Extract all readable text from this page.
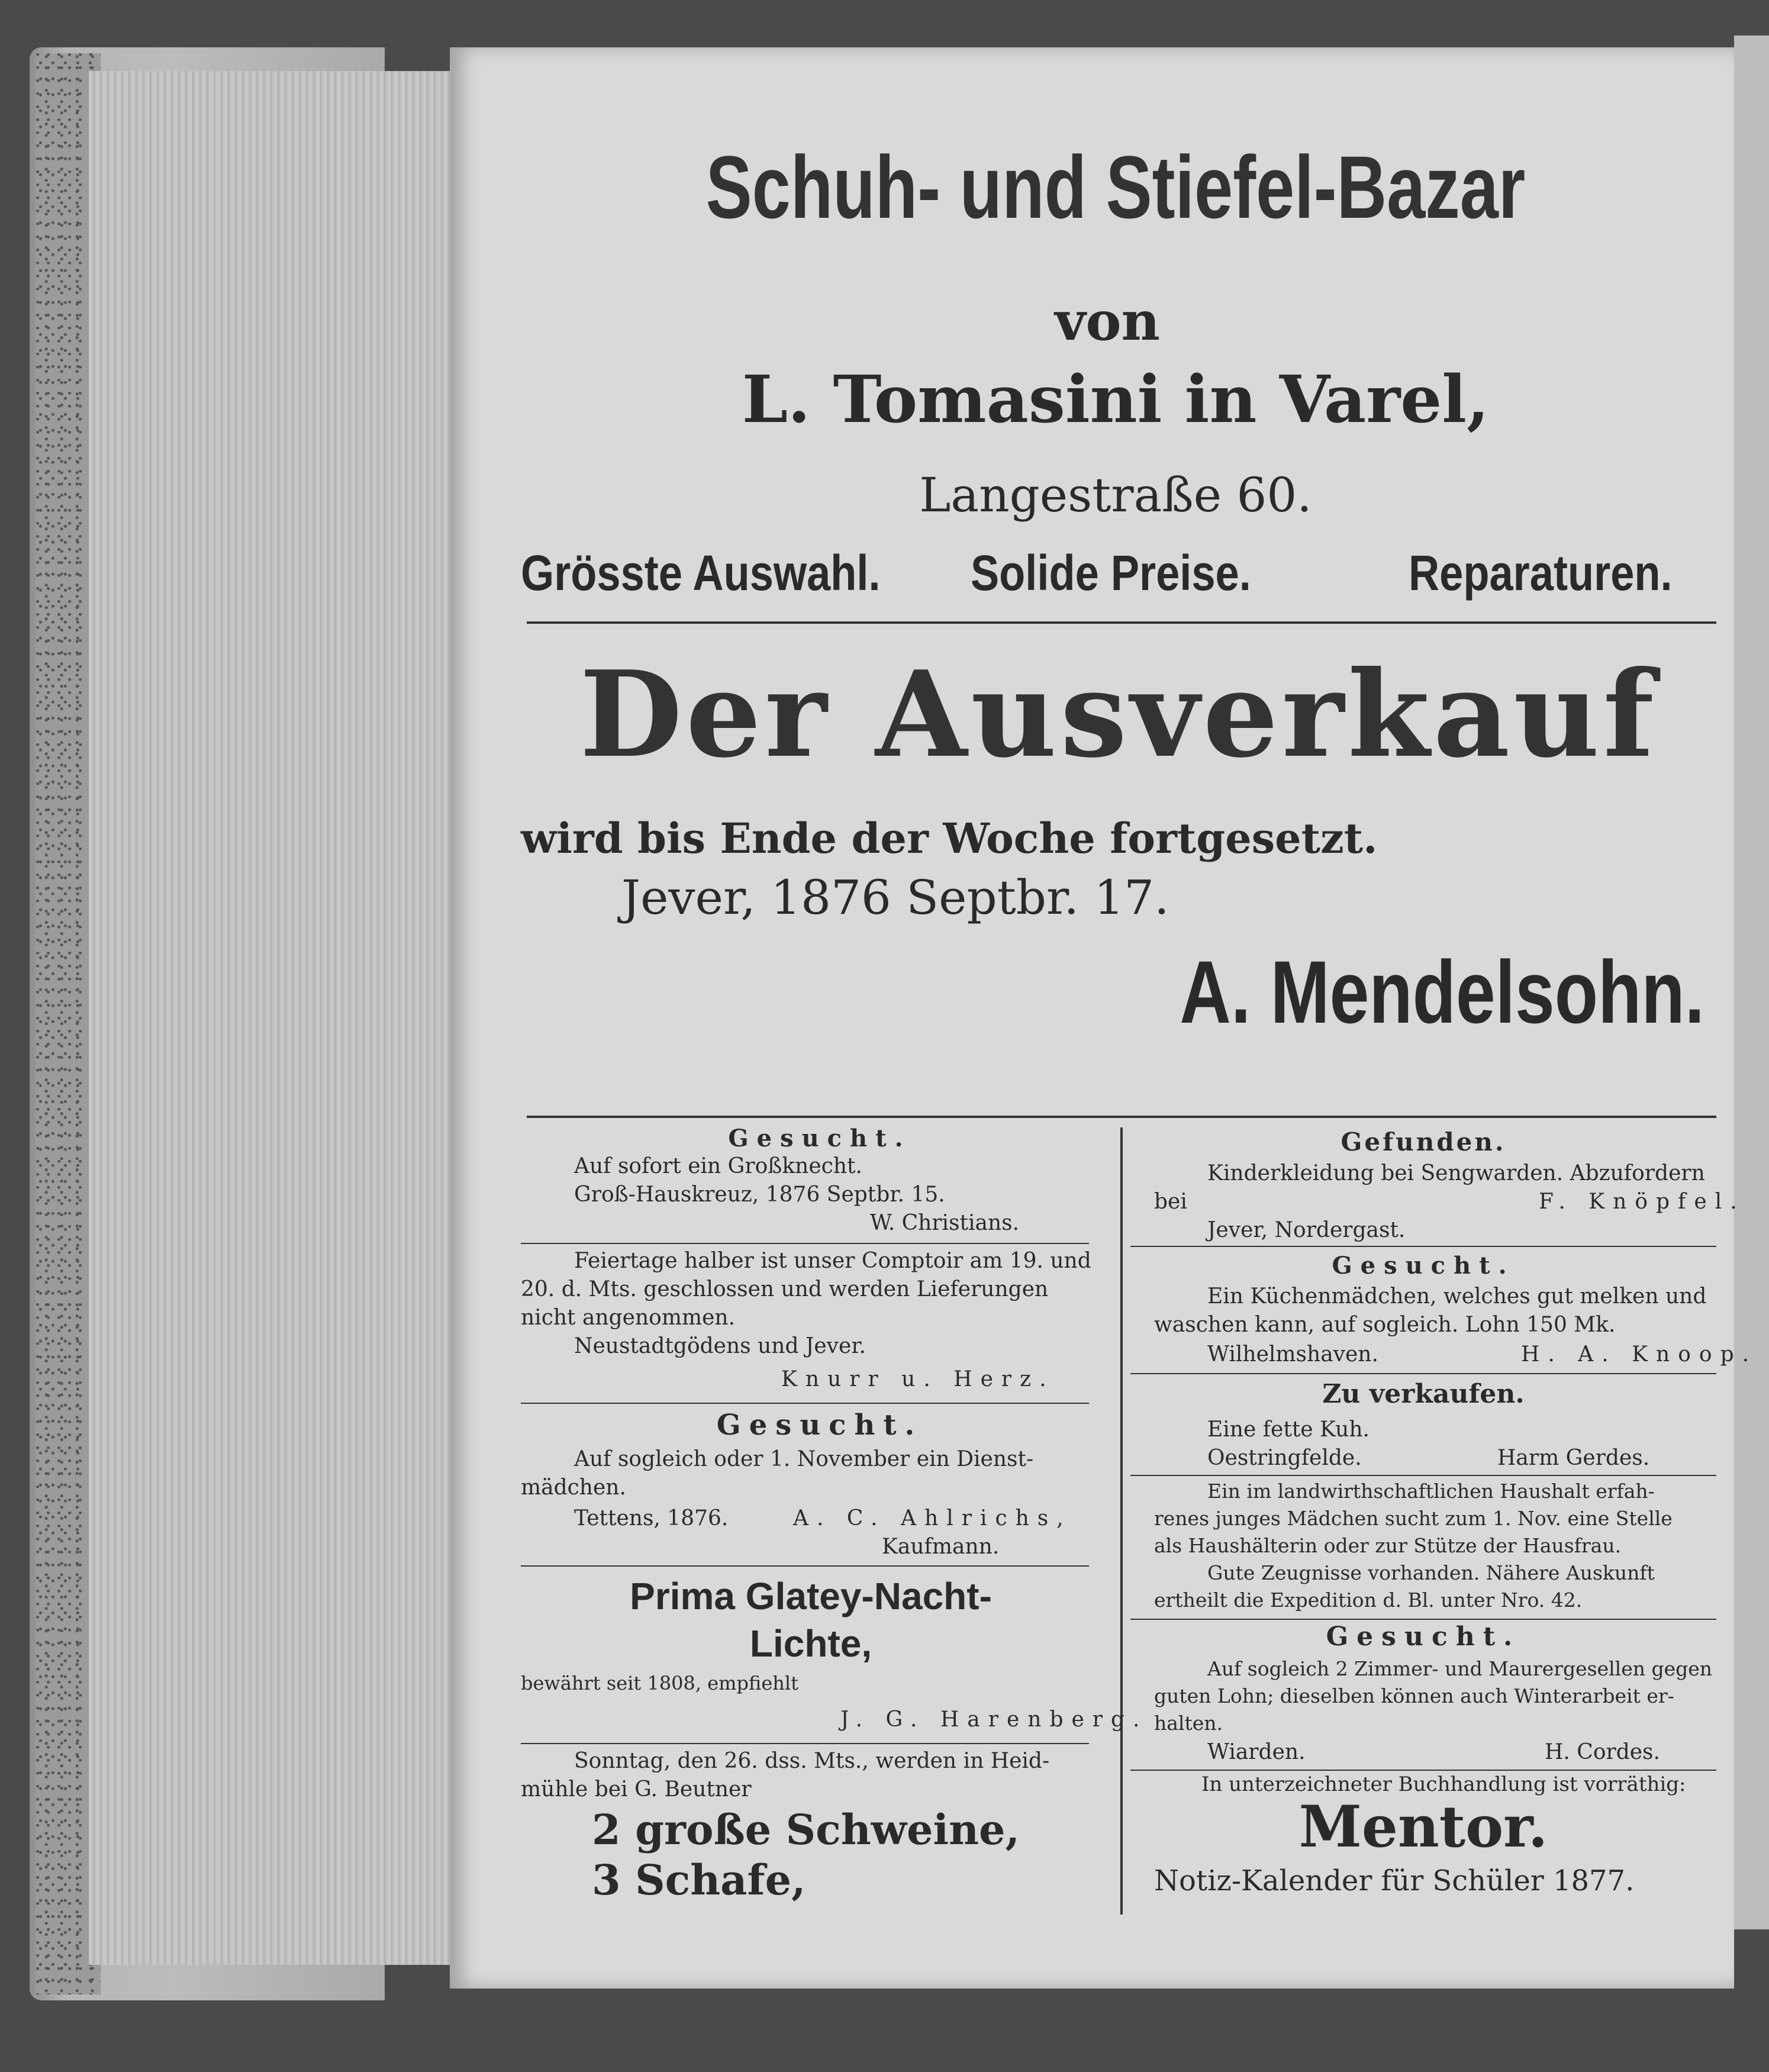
Schuh- und Stiefel-Bazar
von
L. Tomasini in Varel,
Langestraße 60.
Grösste Auswahl. Solide Preise.	Reparaturen.
Der Ausverkauf
wird bis Ende der Woche fortgesetzt.
Jever, 1876 Septbr. 17.
A. Mendelsohn.
Gesucht.
Auf sofort ein Großknecht.
Groß-Hauskreuz, 1876 Septbr. 15.
W. Christians.
Feiertage halber ist unser Comptoir am 19. und
20. d. Mts. geschlossen und werden Lieferungen
nicht angenommen.
Neustadtgödens und Jever.
Knurr u. Herz.
Gesucht.
Auf sogleich oder 1. November ein Dienst-
mädchen.
Tettens, 1876.	A. C. Ahlrichs,
Kaufmann.
Prima Glatey-Nacht-
Lichte,
bewährt seit 1808, empfiehlt
J. G. Harenberg.
Sonntag, den 26. dss. Mts., werden in Heid-
mühle bei G. Beutner
2 große Schweine,
3 Schafe,
Gefunden.
Kinderkleidung bei Sengwarden. Abzufordern
bei	F. Knöpfel.
Jever, Nordergast.
Gesucht.
Ein Küchenmädchen, welches gut melken und
waschen kann, auf sogleich. Lohn 150 Mk.
Wilhelmshaven.	H. A. Knoop.
Zu verkaufen.
Eine fette Kuh.
Oestringfelde.	Harm Gerdes.
Ein im landwirthschaftlichen Haushalt erfah-
renes junges Mädchen sucht zum 1. Nov. eine Stelle
als Haushälterin oder zur Stütze der Hausfrau.
Gute Zeugnisse vorhanden. Nähere Auskunft
ertheilt die Expedition d. Bl. unter Nro. 42.
Gesucht.
Auf sogleich 2 Zimmer- und Maurergesellen gegen
guten Lohn; dieselben können auch Winterarbeit er-
halten.
Wiarden.	H. Cordes.
In unterzeichneter Buchhandlung ist vorräthig:
Mentor.
Notiz-Kalender für Schüler 1877.
